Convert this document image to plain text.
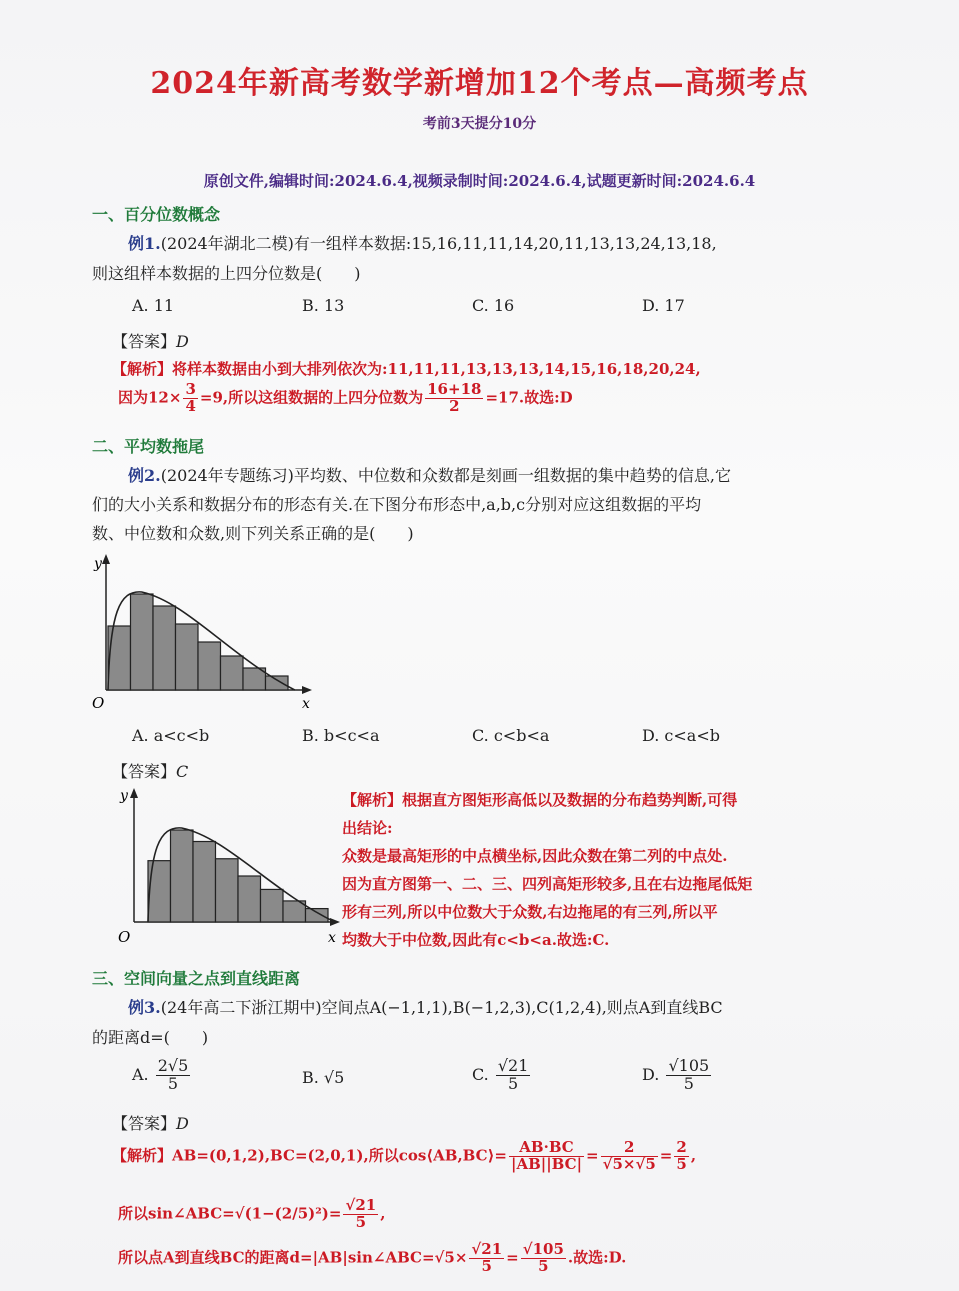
2024年新高考数学新增加12个考点—高频考点
考前3天提分10分
原创文件,编辑时间:2024.6.4,视频录制时间:2024.6.4,试题更新时间:2024.6.4
一、百分位数概念
例1.(2024年湖北二模)有一组样本数据:15,16,11,11,14,20,11,13,13,24,13,18,
则这组样本数据的上四分位数是(　　)
A. 11	B. 13	C. 16	D. 17
【答案】D
【解析】将样本数据由小到大排列依次为:11,11,11,13,13,13,14,15,16,18,20,24,
因为$12\times \frac{3}{4} =9$,所以这组数据的上四分位数为 $\frac{16+18}{2} =17$.故选:D
二、平均数拖尾
例2.(2024年专题练习)平均数、中位数和众数都是刻画一组数据的集中趋势的信息,它
们的大小关系和数据分布的形态有关.在下图分布形态中,a,b,c分别对应这组数据的平均
数、中位数和众数,则下列关系正确的是(　　)
y
x
O
A. a<c<b	B. b<c<a	C. c<b<a	D. c<a<b
【答案】C
y
x
O
【解析】根据直方图矩形高低以及数据的分布趋势判断,可得
出结论:
众数是最高矩形的中点横坐标,因此众数在第二列的中点处.
因为直方图第一、二、三、四列高矩形较多,且在右边拖尾低矩
形有三列,所以中位数大于众数,右边拖尾的有三列,所以平
均数大于中位数,因此有c<b<a.故选:C.
三、空间向量之点到直线距离
例3.(24年高二下浙江期中)空间点A(−1,1,1),B(−1,2,3),C(1,2,4),则点A到直线BC
的距离d=(　　)
A. $\frac{2√5}{5}$	B. √5	C. $\frac{√21}{5}$	D. $\frac{√105}{5}$
【答案】D
【解析】AB=(0,1,2),BC=(2,0,1),所以cos⟨AB,BC⟩= $\frac{AB\cdot BC}{|AB||BC|} = \frac{2}{√5\times√5} = \frac{2}{5}$ ,
所以sin∠ABC=√(1−(2/5)²)= $\frac{√21}{5}$ ,
所以点A到直线BC的距离d=|AB|sin∠ABC=√5× $\frac{√21}{5} = \frac{√105}{5}$ .故选:D.
